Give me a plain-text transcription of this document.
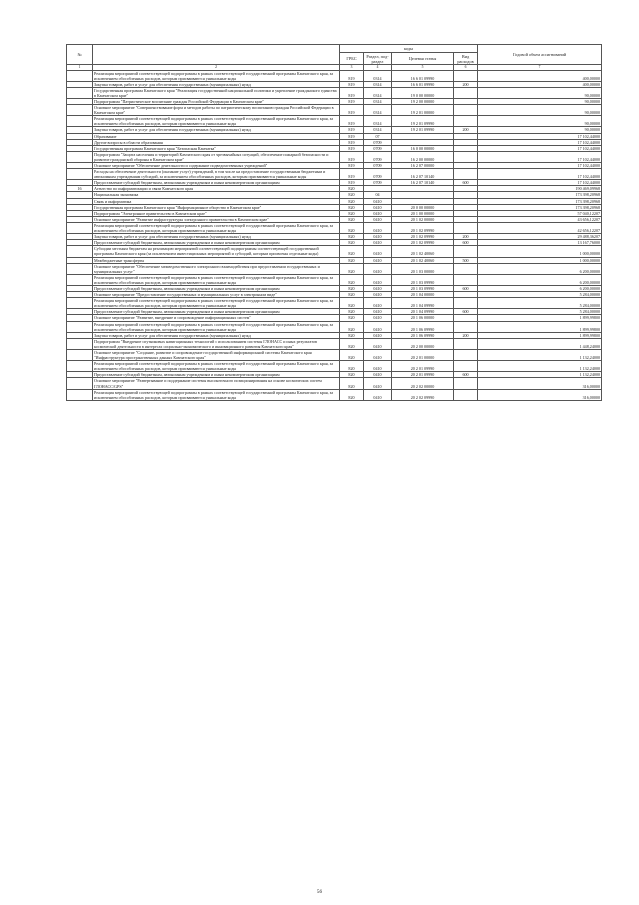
№		коды				Годовой объем ассигнований
		ГРБС	Раздел, под-раздел	Целевая статья	Вид расходов	
1	2	3	4	5	6	7
	Реализация мероприятий соответствующей подпрограммы в рамках соответствующей государственной программы Камчатского края, за исключением обособленных расходов, которым присваиваются уникальные коды	819	0314	16 6 01 09990		400,00000
	Закупка товаров, работ и услуг для обеспечения государственных (муниципальных) нужд	819	0314	16 6 01 09990	200	400,00000
	Государственная программа Камчатского края "Реализация государственной национальной политики и укрепление гражданского единства в Камчатском крае"	819	0314	19 0 00 00000		90,00000
	Подпрограмма "Патриотическое воспитание граждан Российской Федерации в Камчатском крае"	819	0314	19 2 00 00000		90,00000
	Основное мероприятие "Совершенствование форм и методов работы по патриотическому воспитанию граждан Российской Федерации в Камчатском крае"	819	0314	19 2 01 00000		90,00000
	Реализация мероприятий соответствующей подпрограммы в рамках соответствующей государственной программы Камчатского края, за исключением обособленных расходов, которым присваиваются уникальные коды	819	0314	19 2 01 09990		90,00000
	Закупка товаров, работ и услуг для обеспечения государственных (муниципальных) нужд	819	0314	19 2 01 09990	200	90,00000
	Образование	819	07			17 102,44000
	Другие вопросы в области образования	819	0709			17 102,44000
	Государственная программа Камчатского края "Безопасная Камчатка"	819	0709	16 0 00 00000		17 102,44000
	Подпрограмма "Защита населения и территорий Камчатского края от чрезвычайных ситуаций, обеспечение пожарной безопасности и развитие гражданской обороны в Камчатском крае"	819	0709	16 2 00 00000		17 102,44000
	Основное мероприятие "Обеспечение деятельности и содержание подведомственных учреждений"	819	0709	16 2 07 00000		17 102,44000
	Расходы на обеспечение деятельности (оказание услуг) учреждений, в том числе на предоставление государственным бюджетным и автономным учреждениям субсидий, за исключением обособленных расходов, которым присваиваются уникальные коды	819	0709	16 2 07 10140		17 102,44000
	Предоставление субсидий бюджетным, автономным учреждениям и иным некоммерческим организациям	819	0709	16 2 07 10140	600	17 102,44000
16	Агентство по информатизации и связи Камчатского края	820				190 469,09968
	Национальная экономика	820	04			173 398,20968
	Связь и информатика	820	0410			173 398,20968
	Государственная программа Камчатского края "Информационное общество в Камчатском крае"	820	0410	20 0 00 00000		173 398,20968
	Подпрограмма "Электронное правительство в Камчатском крае"	820	0410	20 1 00 00000		57 040,12207
	Основное мероприятие "Развитие инфраструктуры электронного правительства в Камчатском крае"	820	0410	20 1 02 00000		43 656,12207
	Реализация мероприятий соответствующей подпрограммы в рамках соответствующей государственной программы Камчатского края, за исключением обособленных расходов, которым присваиваются уникальные коды	820	0410	20 1 02 09990		42 656,12207
	Закупка товаров, работ и услуг для обеспечения государственных (муниципальных) нужд	820	0410	20 1 02 09990	200	29 488,36207
	Предоставление субсидий бюджетным, автономным учреждениям и иным некоммерческим организациям	820	0410	20 1 02 09990	600	13 167,76000
	Субсидии местным бюджетам на реализацию мероприятий соответствующей подпрограммы соответствующей государственной программы Камчатского края (за исключением инвестиционных мероприятий и субсидий, которым присвоены отдельные коды)	820	0410	20 1 02 40060		1 000,00000
	Межбюджетные трансферты	820	0410	20 1 02 40060	500	1 000,00000
	Основное мероприятие "Обеспечение межведомственного электронного взаимодействия при предоставлении государственных и муниципальных услуг"	820	0410	20 1 03 00000		6 200,00000
	Реализация мероприятий соответствующей подпрограммы в рамках соответствующей государственной программы Камчатского края, за исключением обособленных расходов, которым присваиваются уникальные коды	820	0410	20 1 03 09990		6 200,00000
	Предоставление субсидий бюджетным, автономным учреждениям и иным некоммерческим организациям	820	0410	20 1 03 09990	600	6 200,00000
	Основное мероприятие "Предоставление государственных и муниципальных услуг в электронном виде"	820	0410	20 1 04 00000		5 284,00000
	Реализация мероприятий соответствующей подпрограммы в рамках соответствующей государственной программы Камчатского края, за исключением обособленных расходов, которым присваиваются уникальные коды	820	0410	20 1 04 09990		5 284,00000
	Предоставление субсидий бюджетным, автономным учреждениям и иным некоммерческим организациям	820	0410	20 1 04 09990	600	5 284,00000
	Основное мероприятие "Развитие, внедрение и сопровождение информационных систем"	820	0410	20 1 06 00000		1 899,99800
	Реализация мероприятий соответствующей подпрограммы в рамках соответствующей государственной программы Камчатского края, за исключением обособленных расходов, которым присваиваются уникальные коды	820	0410	20 1 06 09990		1 899,99800
	Закупка товаров, работ и услуг для обеспечения государственных (муниципальных) нужд	820	0410	20 1 06 09990	200	1 899,99800
	Подпрограмма "Внедрение спутниковых навигационных технологий с использованием системы ГЛОНАСС и иных результатов космической деятельности в интересах социально-экономического и инновационного развития Камчатского края"	820	0410	20 2 00 00000		1 448,24000
	Основное мероприятие "Создание, развитие и сопровождение государственной информационной системы Камчатского края "Инфраструктура пространственных данных Камчатского края"	820	0410	20 2 01 00000		1 132,24000
	Реализация мероприятий соответствующей подпрограммы в рамках соответствующей государственной программы Камчатского края, за исключением обособленных расходов, которым присваиваются уникальные коды	820	0410	20 2 01 09990		1 132,24000
	Предоставление субсидий бюджетным, автономным учреждениям и иным некоммерческим организациям	820	0410	20 2 01 09990	600	1 132,24000
	Основное мероприятие "Развертывание и поддержание системы высокоточного позиционирования на основе космических систем ГЛОНАСС/GPS"	820	0410	20 2 02 00000		316,00000
	Реализация мероприятий соответствующей подпрограммы в рамках соответствующей государственной программы Камчатского края, за исключением обособленных расходов, которым присваиваются уникальные коды	820	0410	20 2 02 09990		316,00000
56
